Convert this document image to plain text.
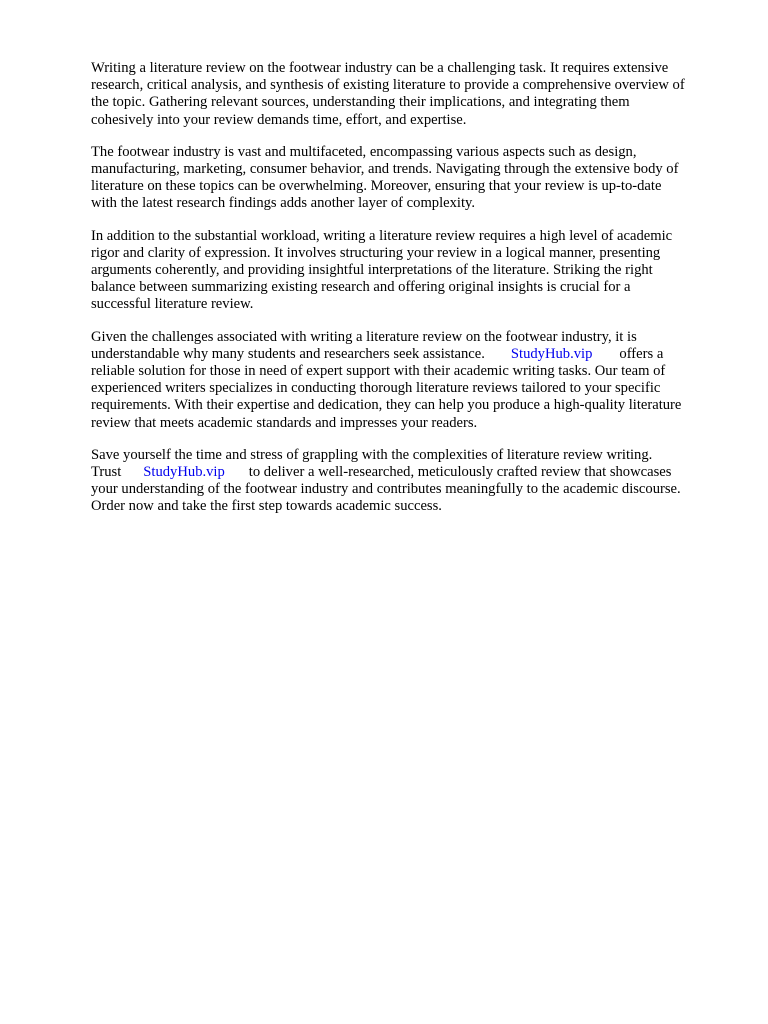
Writing a literature review on the footwear industry can be a challenging task. It requires extensive
research, critical analysis, and synthesis of existing literature to provide a comprehensive overview of
the topic. Gathering relevant sources, understanding their implications, and integrating them
cohesively into your review demands time, effort, and expertise.

The footwear industry is vast and multifaceted, encompassing various aspects such as design,
manufacturing, marketing, consumer behavior, and trends. Navigating through the extensive body of
literature on these topics can be overwhelming. Moreover, ensuring that your review is up-to-date
with the latest research findings adds another layer of complexity.

In addition to the substantial workload, writing a literature review requires a high level of academic
rigor and clarity of expression. It involves structuring your review in a logical manner, presenting
arguments coherently, and providing insightful interpretations of the literature. Striking the right
balance between summarizing existing research and offering original insights is crucial for a
successful literature review.

Given the challenges associated with writing a literature review on the footwear industry, it is
understandable why many students and researchers seek assistance. StudyHub.vip offers a
reliable solution for those in need of expert support with their academic writing tasks. Our team of
experienced writers specializes in conducting thorough literature reviews tailored to your specific
requirements. With their expertise and dedication, they can help you produce a high-quality literature
review that meets academic standards and impresses your readers.

Save yourself the time and stress of grappling with the complexities of literature review writing.
Trust StudyHub.vip to deliver a well-researched, meticulously crafted review that showcases
your understanding of the footwear industry and contributes meaningfully to the academic discourse.
Order now and take the first step towards academic success.
